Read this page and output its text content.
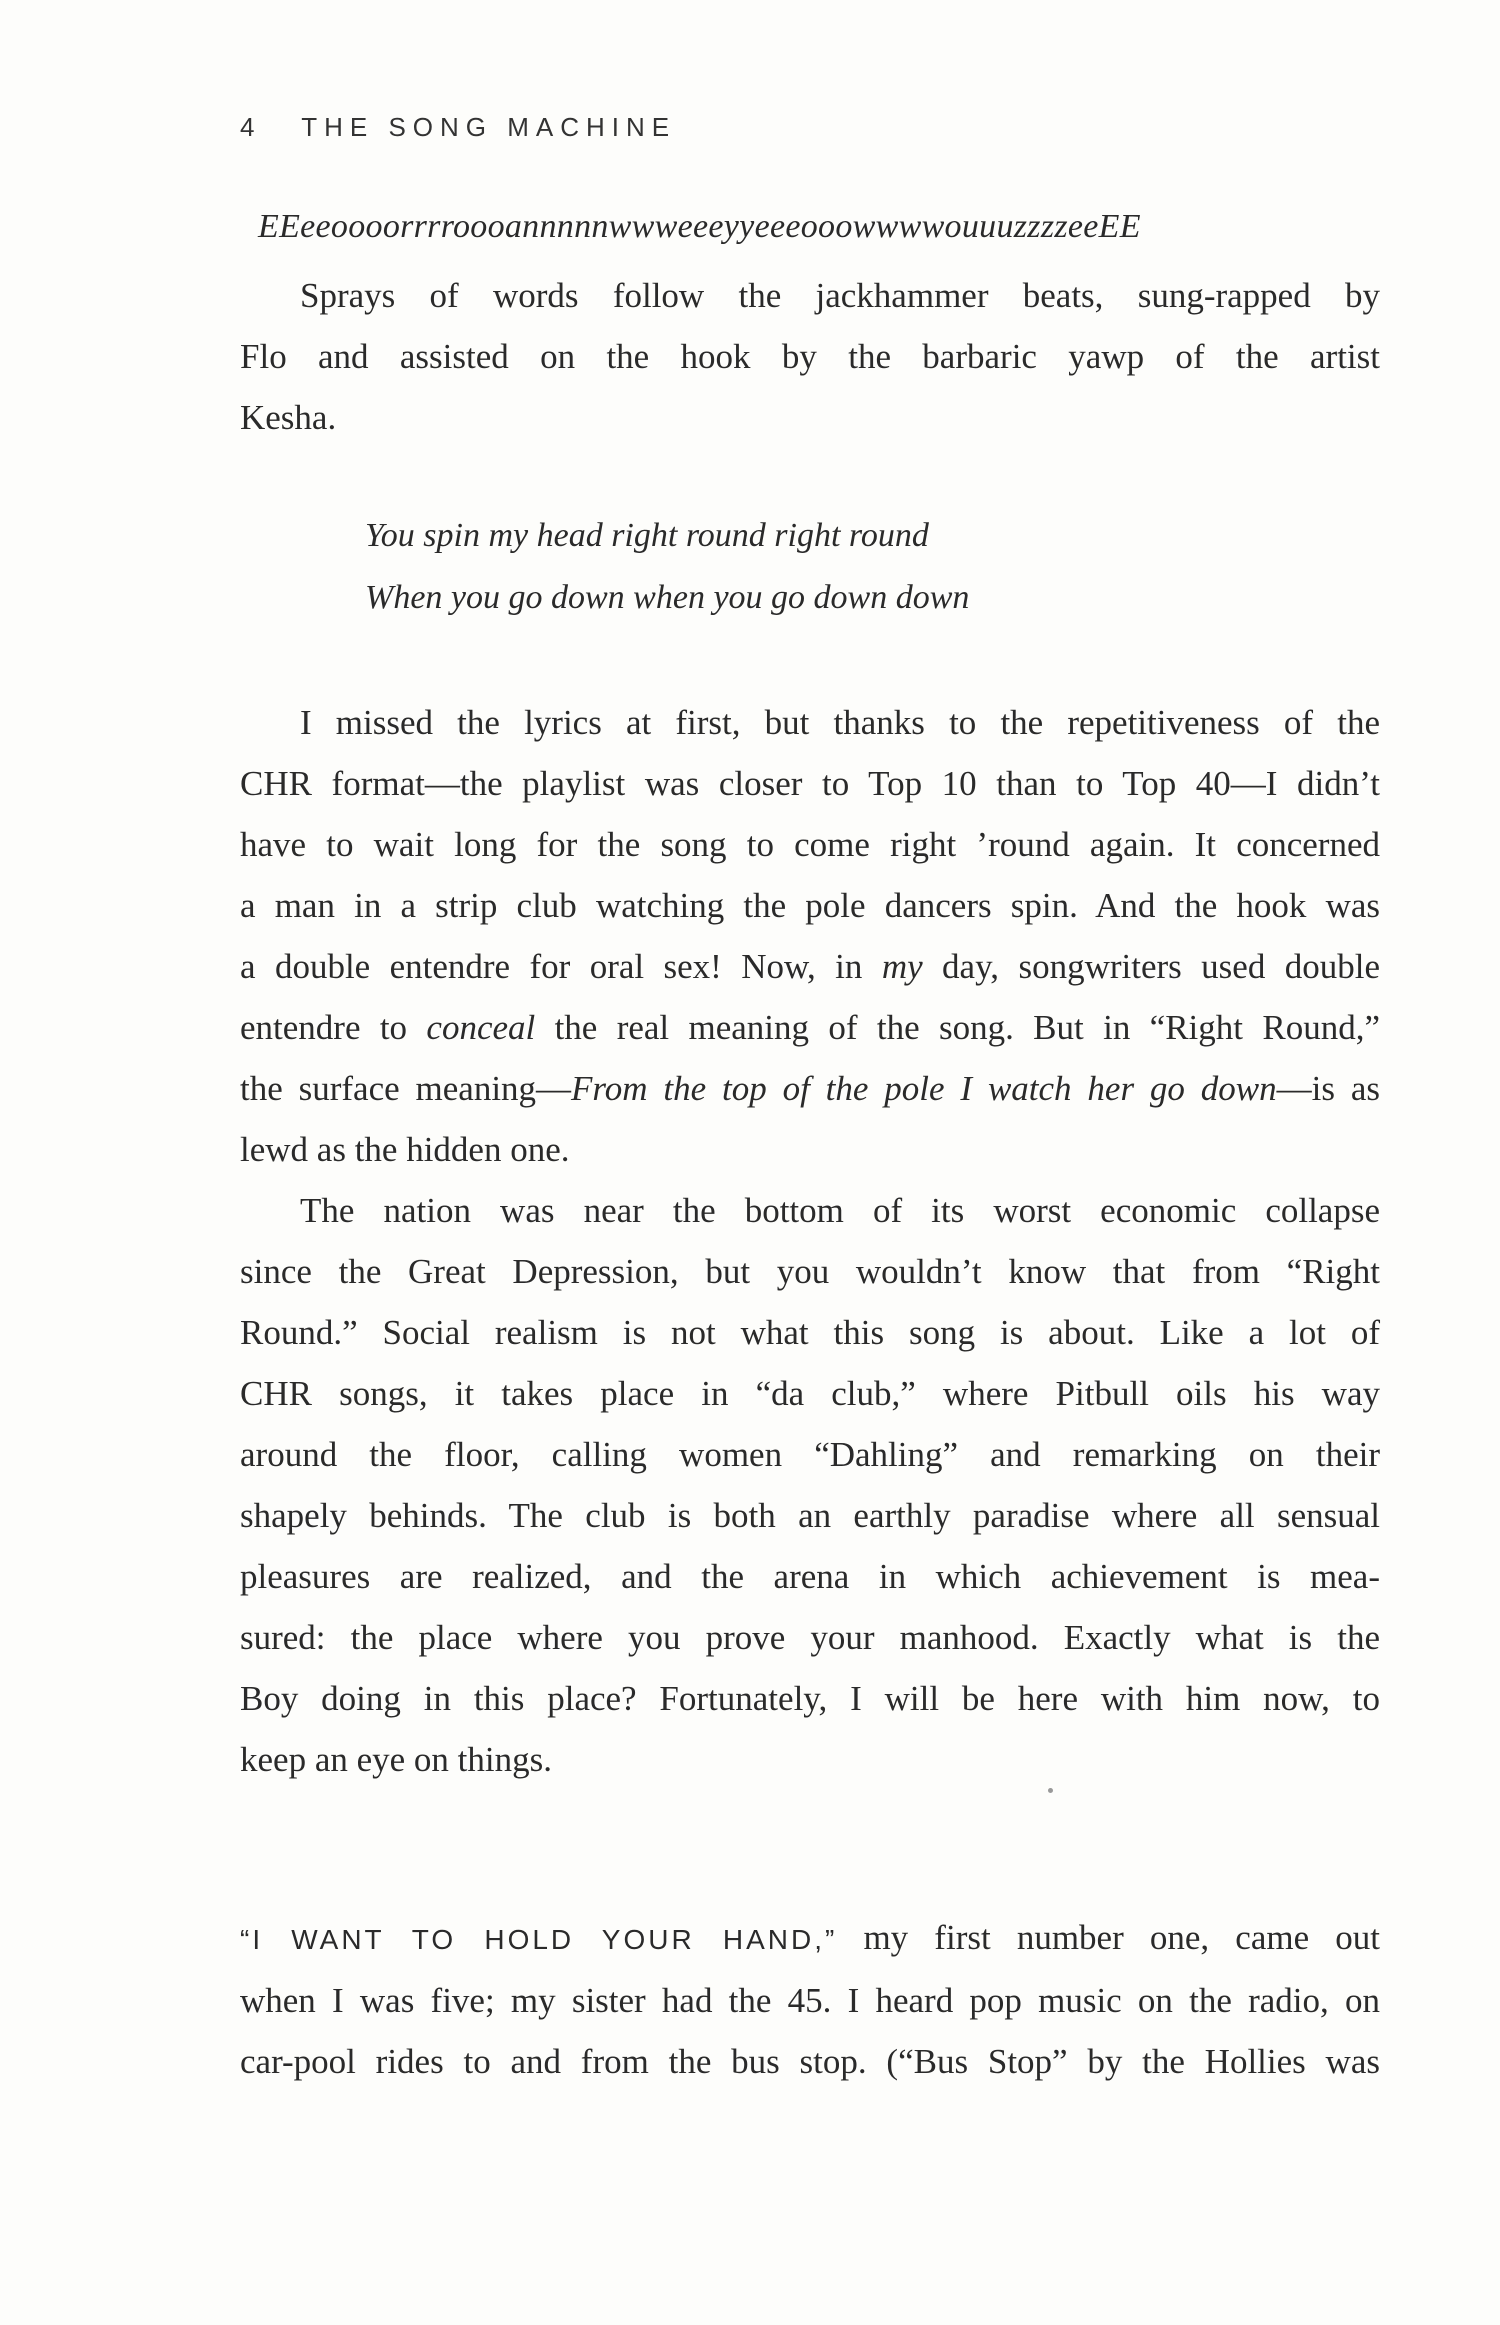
4 THE SONG MACHINE
EEeeoooorrrroooannnnnwwweeeyyeeeooowwwwouuuzzzzeeEE

Sprays of words follow the jackhammer beats, sung-rapped by
Flo and assisted on the hook by the barbaric yawp of the artist
Kesha.

You spin my head right round right round
When you go down when you go down down

I missed the lyrics at first, but thanks to the repetitiveness of the
CHR format—the playlist was closer to Top 10 than to Top 40—I didn’t
have to wait long for the song to come right ’round again. It concerned
a man in a strip club watching the pole dancers spin. And the hook was
a double entendre for oral sex! Now, in my day, songwriters used double
entendre to conceal the real meaning of the song. But in “Right Round,”
the surface meaning—From the top of the pole I watch her go down—is as
lewd as the hidden one.

The nation was near the bottom of its worst economic collapse
since the Great Depression, but you wouldn’t know that from “Right
Round.” Social realism is not what this song is about. Like a lot of
CHR songs, it takes place in “da club,” where Pitbull oils his way
around the floor, calling women “Dahling” and remarking on their
shapely behinds. The club is both an earthly paradise where all sensual
pleasures are realized, and the arena in which achievement is mea-
sured: the place where you prove your manhood. Exactly what is the
Boy doing in this place? Fortunately, I will be here with him now, to
keep an eye on things.

“I WANT TO HOLD YOUR HAND,” my first number one, came out
when I was five; my sister had the 45. I heard pop music on the radio, on
car-pool rides to and from the bus stop. (“Bus Stop” by the Hollies was
